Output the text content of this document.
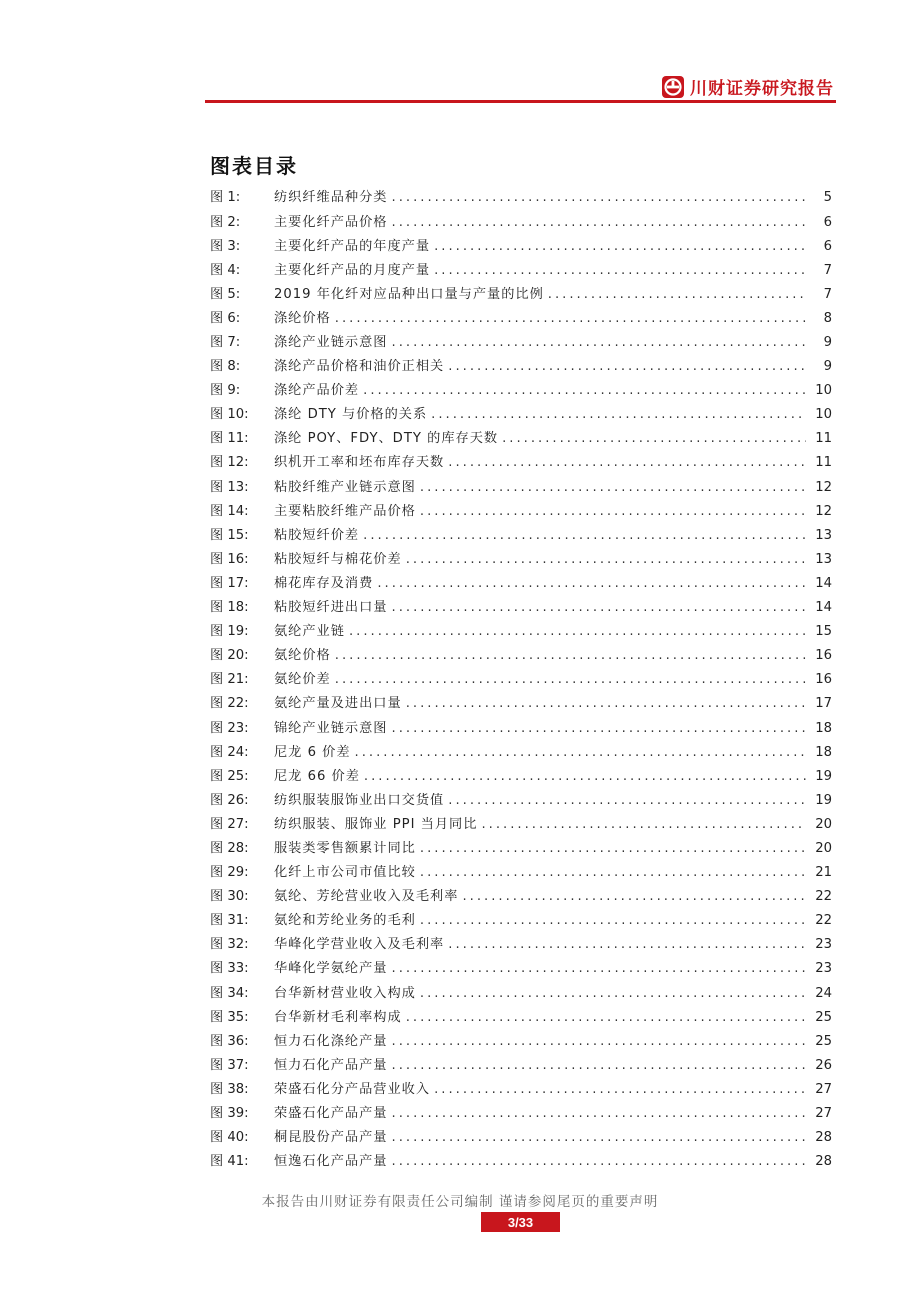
川财证券研究报告
图表目录
图 1:	纺织纤维品种分类 .....	5
图 2:	主要化纤产品价格 .....	6
图 3:	主要化纤产品的年度产量 .....	6
图 4:	主要化纤产品的月度产量 .....	7
图 5:	2019 年化纤对应品种出口量与产量的比例 .....	7
图 6:	涤纶价格 .....	8
图 7:	涤纶产业链示意图 .....	9
图 8:	涤纶产品价格和油价正相关 .....	9
图 9:	涤纶产品价差 .....	10
图 10:	涤纶 DTY 与价格的关系 .....	10
图 11:	涤纶 POY、FDY、DTY 的库存天数 .....	11
图 12:	织机开工率和坯布库存天数 .....	11
图 13:	粘胶纤维产业链示意图 .....	12
图 14:	主要粘胶纤维产品价格 .....	12
图 15:	粘胶短纤价差 .....	13
图 16:	粘胶短纤与棉花价差 .....	13
图 17:	棉花库存及消费 .....	14
图 18:	粘胶短纤进出口量 .....	14
图 19:	氨纶产业链 .....	15
图 20:	氨纶价格 .....	16
图 21:	氨纶价差 .....	16
图 22:	氨纶产量及进出口量 .....	17
图 23:	锦纶产业链示意图 .....	18
图 24:	尼龙 6 价差 .....	18
图 25:	尼龙 66 价差 .....	19
图 26:	纺织服装服饰业出口交货值 .....	19
图 27:	纺织服装、服饰业 PPI 当月同比 .....	20
图 28:	服装类零售额累计同比 .....	20
图 29:	化纤上市公司市值比较 .....	21
图 30:	氨纶、芳纶营业收入及毛利率 .....	22
图 31:	氨纶和芳纶业务的毛利 .....	22
图 32:	华峰化学营业收入及毛利率 .....	23
图 33:	华峰化学氨纶产量 .....	23
图 34:	台华新材营业收入构成 .....	24
图 35:	台华新材毛利率构成 .....	25
图 36:	恒力石化涤纶产量 .....	25
图 37:	恒力石化产品产量 .....	26
图 38:	荣盛石化分产品营业收入 .....	27
图 39:	荣盛石化产品产量 .....	27
图 40:	桐昆股份产品产量 .....	28
图 41:	恒逸石化产品产量 .....	28
本报告由川财证券有限责任公司编制 谨请参阅尾页的重要声明
3/33
